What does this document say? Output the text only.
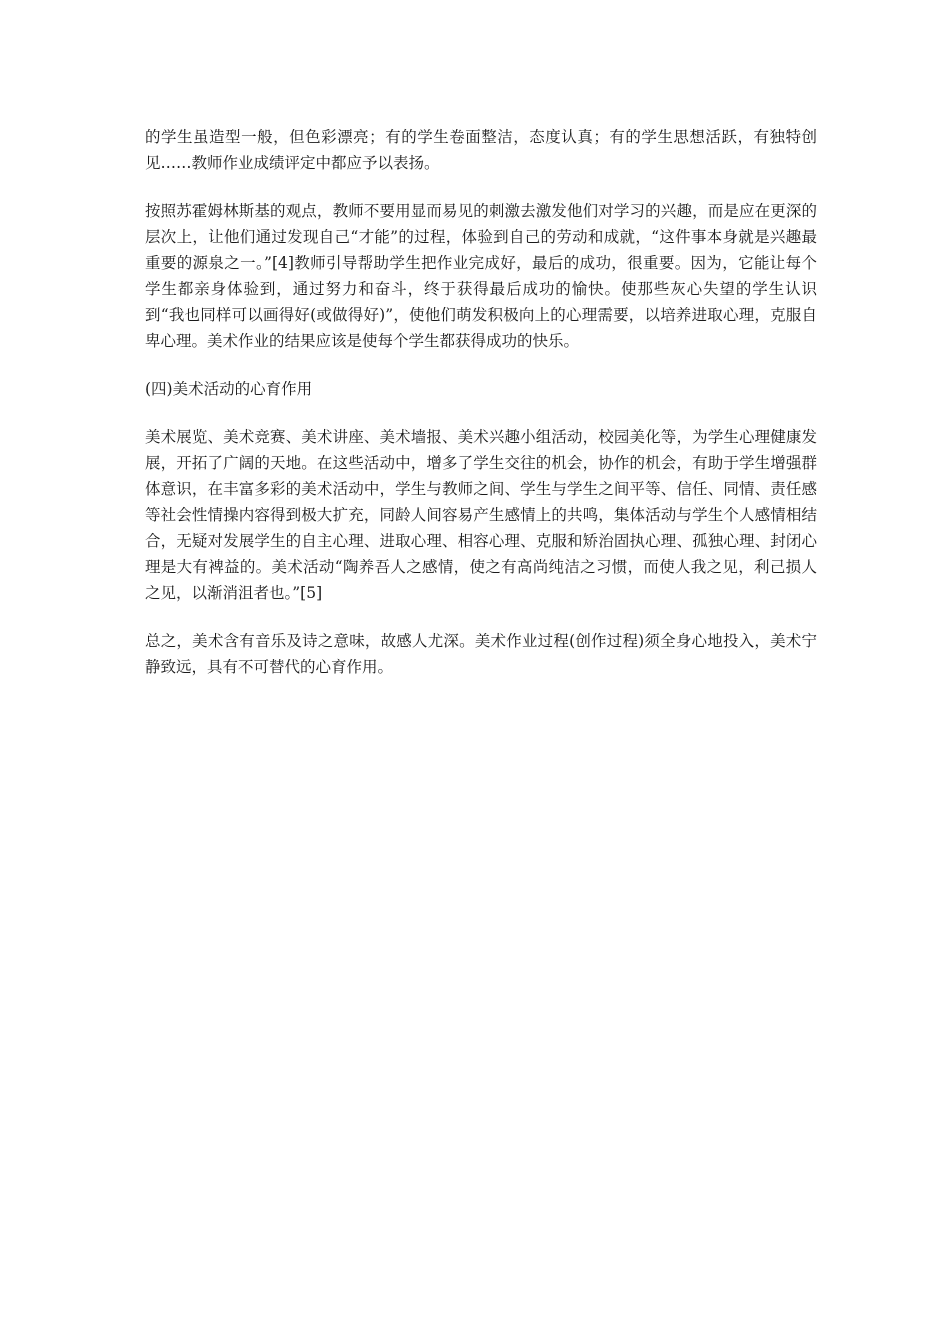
的学生虽造型一般，但色彩漂亮；有的学生卷面整洁，态度认真；有的学生思想活跃，有独特创见……教师作业成绩评定中都应予以表扬。

按照苏霍姆林斯基的观点，教师不要用显而易见的刺激去激发他们对学习的兴趣，而是应在更深的层次上，让他们通过发现自己“才能”的过程，体验到自己的劳动和成就，“这件事本身就是兴趣最重要的源泉之一。”[4]教师引导帮助学生把作业完成好，最后的成功，很重要。因为，它能让每个学生都亲身体验到，通过努力和奋斗，终于获得最后成功的愉快。使那些灰心失望的学生认识到“我也同样可以画得好(或做得好)”，使他们萌发积极向上的心理需要，以培养进取心理，克服自卑心理。美术作业的结果应该是使每个学生都获得成功的快乐。

(四)美术活动的心育作用

美术展览、美术竞赛、美术讲座、美术墙报、美术兴趣小组活动，校园美化等，为学生心理健康发展，开拓了广阔的天地。在这些活动中，增多了学生交往的机会，协作的机会，有助于学生增强群体意识，在丰富多彩的美术活动中，学生与教师之间、学生与学生之间平等、信任、同情、责任感等社会性情操内容得到极大扩充，同龄人间容易产生感情上的共鸣，集体活动与学生个人感情相结合，无疑对发展学生的自主心理、进取心理、相容心理、克服和矫治固执心理、孤独心理、封闭心理是大有裨益的。美术活动“陶养吾人之感情，使之有高尚纯洁之习惯，而使人我之见，利己损人之见，以渐消沮者也。”[5]

总之，美术含有音乐及诗之意味，故感人尤深。美术作业过程(创作过程)须全身心地投入，美术宁静致远，具有不可替代的心育作用。
